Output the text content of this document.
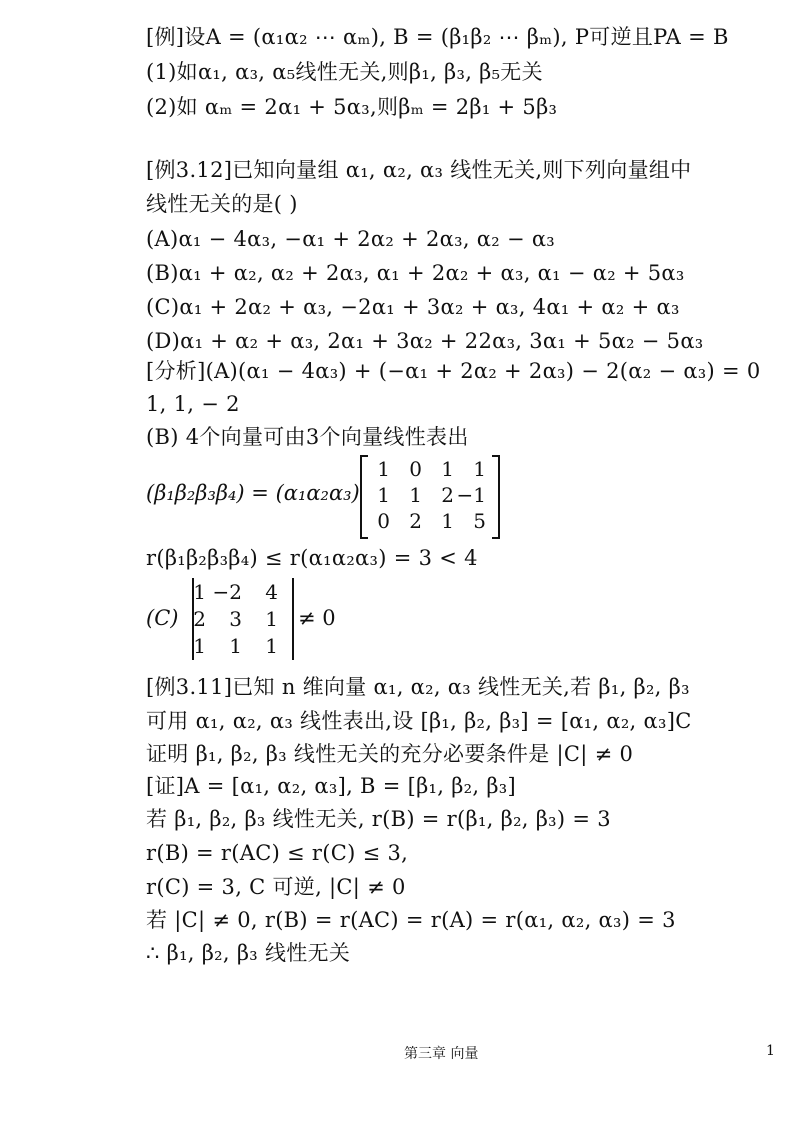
[例]设A = (α₁α₂ ⋯ αₘ), B = (β₁β₂ ⋯ βₘ), P可逆且PA = B
(1)如α₁, α₃, α₅线性无关,则β₁, β₃, β₅无关
(2)如 αₘ = 2α₁ + 5α₃,则βₘ = 2β₁ + 5β₃
[例3.12]已知向量组 α₁, α₂, α₃ 线性无关,则下列向量组中
线性无关的是( )
(A)α₁ − 4α₃, −α₁ + 2α₂ + 2α₃, α₂ − α₃
(B)α₁ + α₂, α₂ + 2α₃, α₁ + 2α₂ + α₃, α₁ − α₂ + 5α₃
(C)α₁ + 2α₂ + α₃, −2α₁ + 3α₂ + α₃, 4α₁ + α₂ + α₃
(D)α₁ + α₂ + α₃, 2α₁ + 3α₂ + 22α₃, 3α₁ + 5α₂ − 5α₃
[分析](A)(α₁ − 4α₃) + (−α₁ + 2α₂ + 2α₃) − 2(α₂ − α₃) = 0
1, 1, − 2
(B) 4个向量可由3个向量线性表出
r(β₁β₂β₃β₄) ≤ r(α₁α₂α₃) = 3 < 4
[例3.11]已知 n 维向量 α₁, α₂, α₃ 线性无关,若 β₁, β₂, β₃
可用 α₁, α₂, α₃ 线性表出,设 [β₁, β₂, β₃] = [α₁, α₂, α₃]C
证明 β₁, β₂, β₃ 线性无关的充分必要条件是 |C| ≠ 0
[证]A = [α₁, α₂, α₃], B = [β₁, β₂, β₃]
若 β₁, β₂, β₃ 线性无关, r(B) = r(β₁, β₂, β₃) = 3
r(B) = r(AC) ≤ r(C) ≤ 3,
r(C) = 3, C 可逆, |C| ≠ 0
若 |C| ≠ 0, r(B) = r(AC) = r(A) = r(α₁, α₂, α₃) = 3
∴ β₁, β₂, β₃ 线性无关
(β₁β₂β₃β₄) = (α₁α₂α₃)
1 0 1 1
1 1 2 −1
0 2 1 5
(C)	≠ 0
1 −2	4
2	3	1
1	1	1
第三章 向量	1
